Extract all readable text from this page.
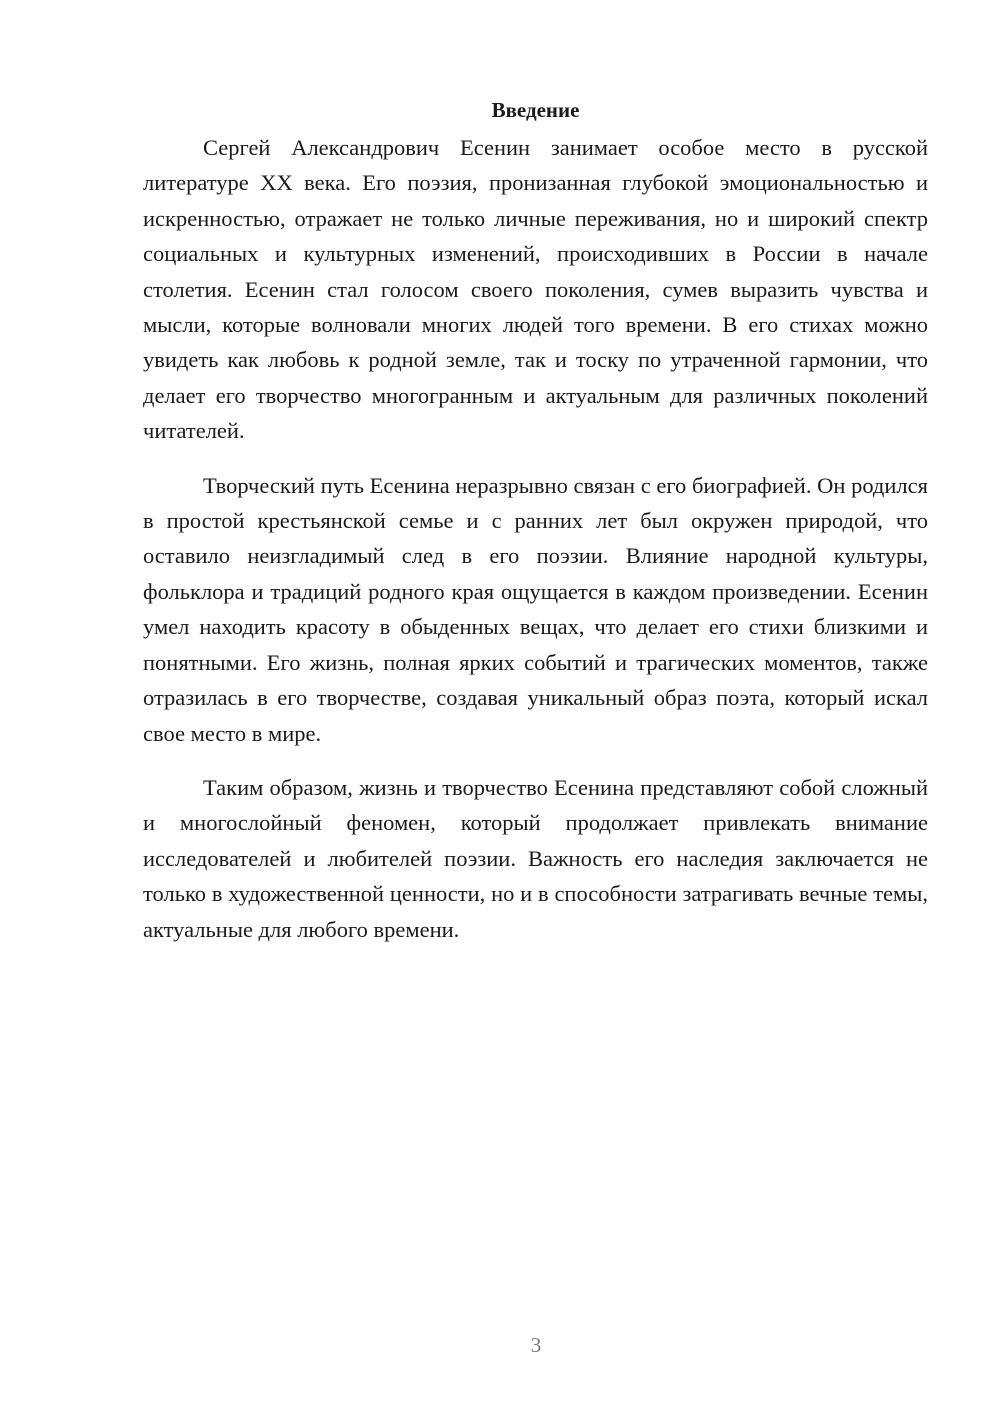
Введение

Сергей Александрович Есенин занимает особое место в русской литературе XX века. Его поэзия, пронизанная глубокой эмоциональностью и искренностью, отражает не только личные переживания, но и широкий спектр социальных и культурных изменений, происходивших в России в начале столетия. Есенин стал голосом своего поколения, сумев выразить чувства и мысли, которые волновали многих людей того времени. В его стихах можно увидеть как любовь к родной земле, так и тоску по утраченной гармонии, что делает его творчество многогранным и актуальным для различных поколений читателей.

Творческий путь Есенина неразрывно связан с его биографией. Он родился в простой крестьянской семье и с ранних лет был окружен природой, что оставило неизгладимый след в его поэзии. Влияние народной культуры, фольклора и традиций родного края ощущается в каждом произведении. Есенин умел находить красоту в обыденных вещах, что делает его стихи близкими и понятными. Его жизнь, полная ярких событий и трагических моментов, также отразилась в его творчестве, создавая уникальный образ поэта, который искал свое место в мире.

Таким образом, жизнь и творчество Есенина представляют собой сложный и многослойный феномен, который продолжает привлекать внимание исследователей и любителей поэзии. Важность его наследия заключается не только в художественной ценности, но и в способности затрагивать вечные темы, актуальные для любого времени.

3
